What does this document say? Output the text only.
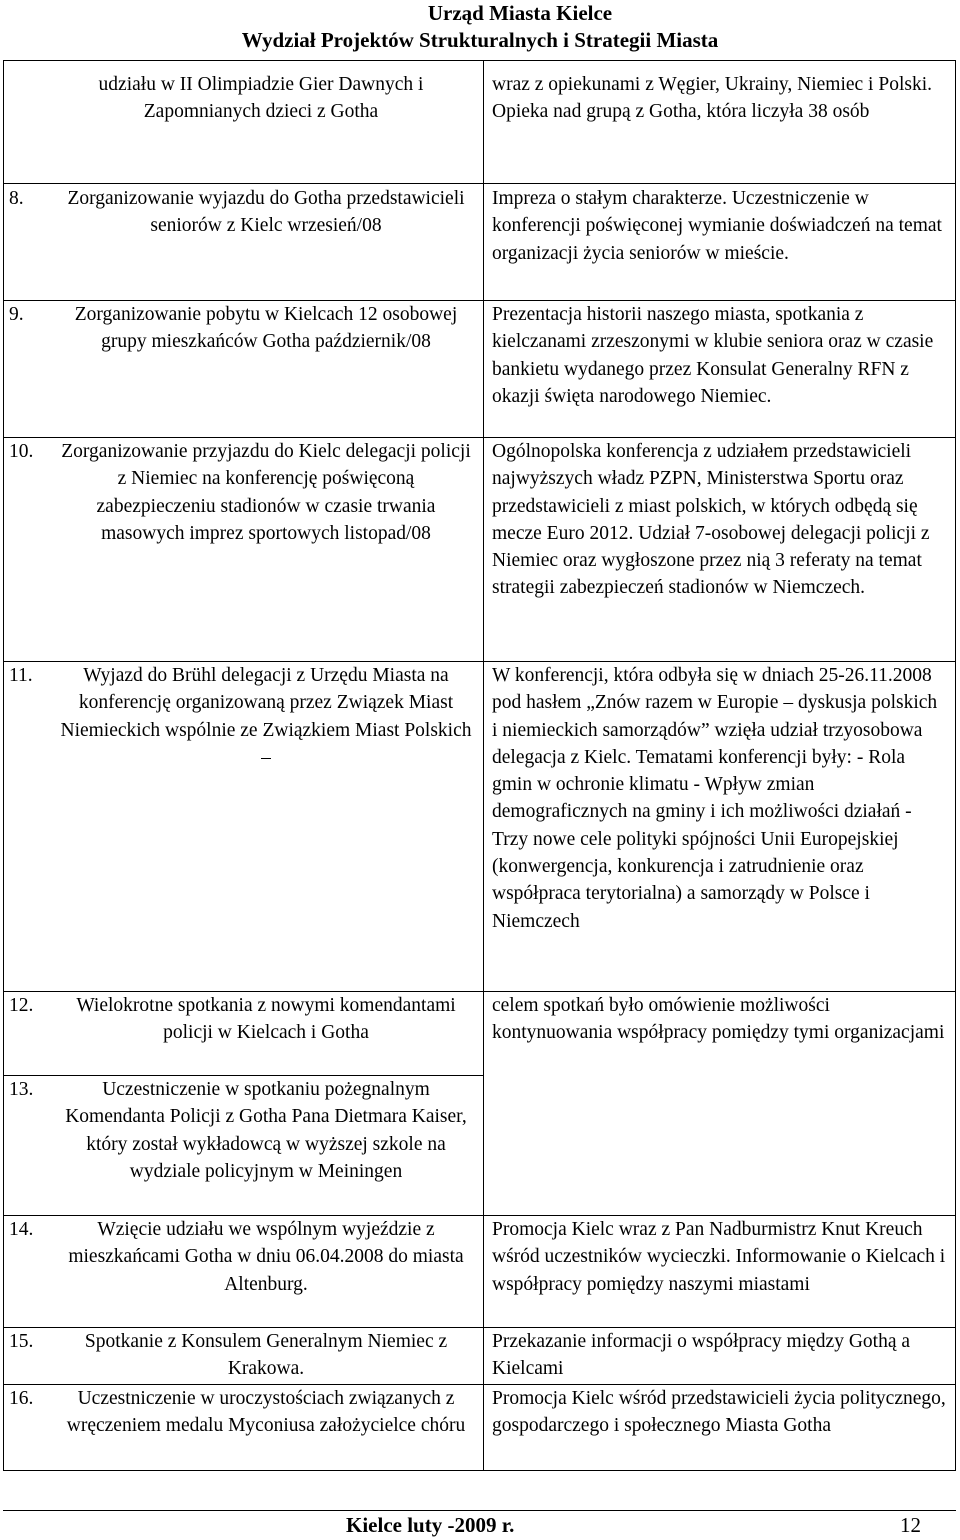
Urząd Miasta Kielce
Wydział Projektów Strukturalnych i Strategii Miasta
udziału w II Olimpiadzie Gier Dawnych i Zapomnianych dzieci z Gotha	wraz z opiekunami z Węgier, Ukrainy, Niemiec i Polski. Opieka nad grupą z Gotha, która liczyła 38 osób

8. Zorganizowanie wyjazdu do Gotha przedstawicieli seniorów z Kielc wrzesień/08	Impreza o stałym charakterze. Uczestniczenie w konferencji poświęconej wymianie doświadczeń na temat organizacji życia seniorów w mieście.

9. Zorganizowanie pobytu w Kielcach 12 osobowej grupy mieszkańców Gotha październik/08	Prezentacja historii naszego miasta, spotkania z kielczanami zrzeszonymi w klubie seniora oraz w czasie bankietu wydanego przez Konsulat Generalny RFN z okazji święta narodowego Niemiec.

10. Zorganizowanie przyjazdu do Kielc delegacji policji z Niemiec na konferencję poświęconą zabezpieczeniu stadionów w czasie trwania masowych imprez sportowych listopad/08	Ogólnopolska konferencja z udziałem przedstawicieli najwyższych władz PZPN, Ministerstwa Sportu oraz przedstawicieli z miast polskich, w których odbędą się mecze Euro 2012. Udział 7-osobowej delegacji policji z Niemiec oraz wygłoszone przez nią 3 referaty na temat strategii zabezpieczeń stadionów w Niemczech.

11. Wyjazd do Brühl delegacji z Urzędu Miasta na konferencję organizowaną przez Związek Miast Niemieckich wspólnie ze Związkiem Miast Polskich –	W konferencji, która odbyła się w dniach 25-26.11.2008 pod hasłem „Znów razem w Europie – dyskusja polskich i niemieckich samorządów” wzięła udział trzyosobowa delegacja z Kielc. Tematami konferencji były: - Rola gmin w ochronie klimatu - Wpływ zmian demograficznych na gminy i ich możliwości działań - Trzy nowe cele polityki spójności Unii Europejskiej (konwergencja, konkurencja i zatrudnienie oraz współpraca terytorialna) a samorządy w Polsce i Niemczech

12. Wielokrotne spotkania z nowymi komendantami policji w Kielcach i Gotha	celem spotkań było omówienie możliwości kontynuowania współpracy pomiędzy tymi organizacjami

13. Uczestniczenie w spotkaniu pożegnalnym Komendanta Policji z Gotha Pana Dietmara Kaiser, który został wykładowcą w wyższej szkole na wydziale policyjnym w Meiningen	

14. Wzięcie udziału we wspólnym wyjeździe z mieszkańcami Gotha w dniu 06.04.2008 do miasta Altenburg.	Promocja Kielc wraz z Pan Nadburmistrz Knut Kreuch wśród uczestników wycieczki. Informowanie o Kielcach i współpracy pomiędzy naszymi miastami

15. Spotkanie z Konsulem Generalnym Niemiec z Krakowa.	Przekazanie informacji o współpracy między Gothą a Kielcami

16. Uczestniczenie w uroczystościach związanych z wręczeniem medalu Myconiusa założycielce chóru	Promocja Kielc wśród przedstawicieli życia politycznego, gospodarczego i społecznego Miasta Gotha
Kielce luty -2009 r.	12
